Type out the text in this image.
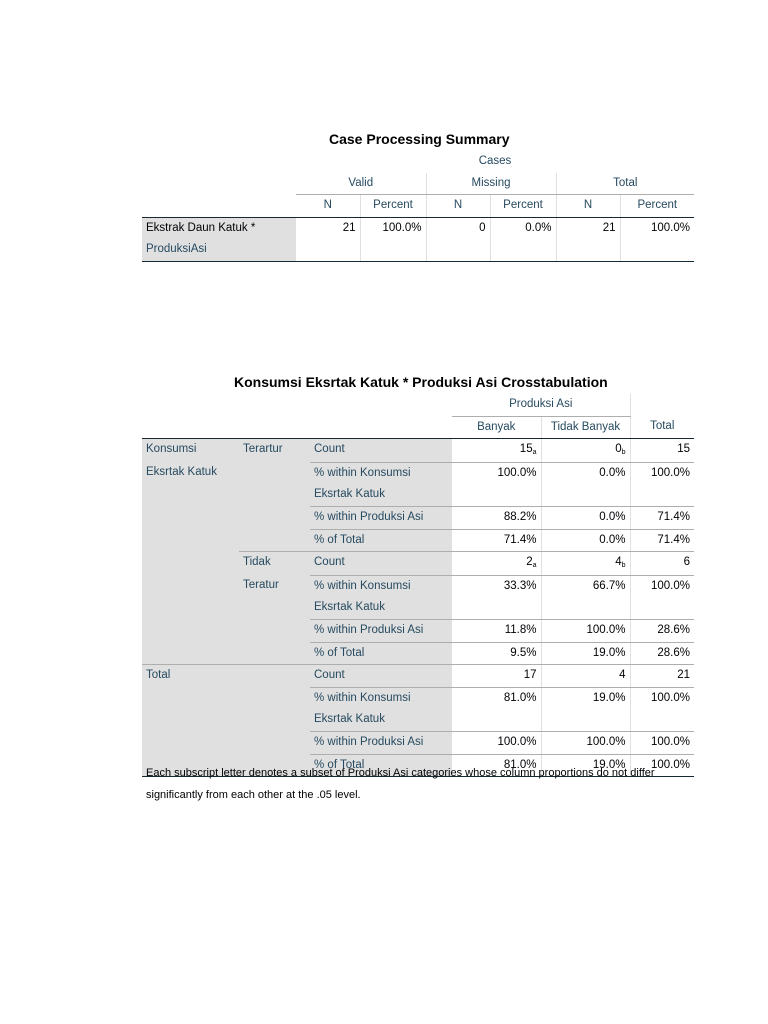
Case Processing Summary
	Cases					
	Valid		Missing		Total	
	N	Percent	N	Percent	N	Percent
Ekstrak Daun Katuk *	21	100.0%	0	0.0%	21	100.0%
ProduksiAsi						
Konsumsi Eksrtak Katuk * Produksi Asi Crosstabulation
			Produksi Asi		
			Banyak	Tidak Banyak	Total
Konsumsi	Terartur	Count	$15_a$	$0_b$	15
Eksrtak Katuk		% within Konsumsi	100.0%	0.0%	100.0%
		Eksrtak Katuk			
		% within Produksi Asi	88.2%	0.0%	71.4%
		% of Total	71.4%	0.0%	71.4%
	Tidak	Count	$2_a$	$4_b$	6
	Teratur	% within Konsumsi	33.3%	66.7%	100.0%
		Eksrtak Katuk			
		% within Produksi Asi	11.8%	100.0%	28.6%
		% of Total	9.5%	19.0%	28.6%
Total		Count	17	4	21
		% within Konsumsi	81.0%	19.0%	100.0%
		Eksrtak Katuk			
		% within Produksi Asi	100.0%	100.0%	100.0%
		% of Total	81.0%	19.0%	100.0%
Each subscript letter denotes a subset of Produksi Asi categories whose column proportions do not differ significantly from each other at the .05 level.
